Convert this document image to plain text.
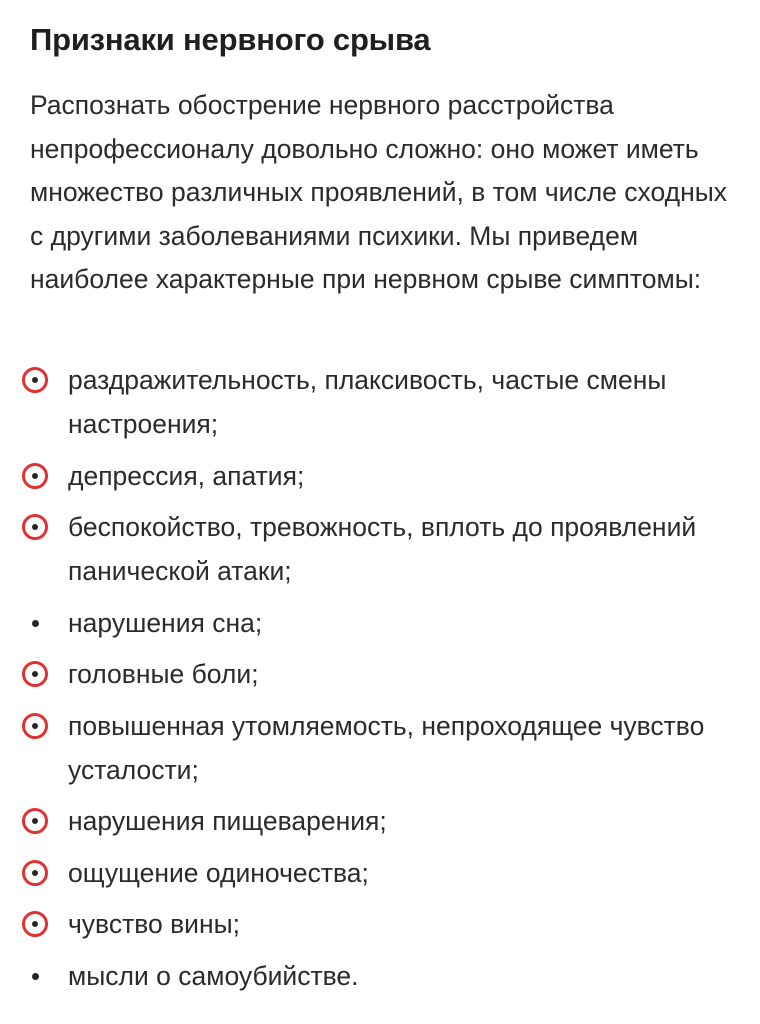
Признаки нервного срыва

Распознать обострение нервного расстройства непрофессионалу довольно сложно: оно может иметь множество различных проявлений, в том числе сходных с другими заболеваниями психики. Мы приведем наиболее характерные при нервном срыве симптомы:

раздражительность, плаксивость, частые смены настроения;
депрессия, апатия;
беспокойство, тревожность, вплоть до проявлений панической атаки;
нарушения сна;
головные боли;
повышенная утомляемость, непроходящее чувство усталости;
нарушения пищеварения;
ощущение одиночества;
чувство вины;
мысли о самоубийстве.
